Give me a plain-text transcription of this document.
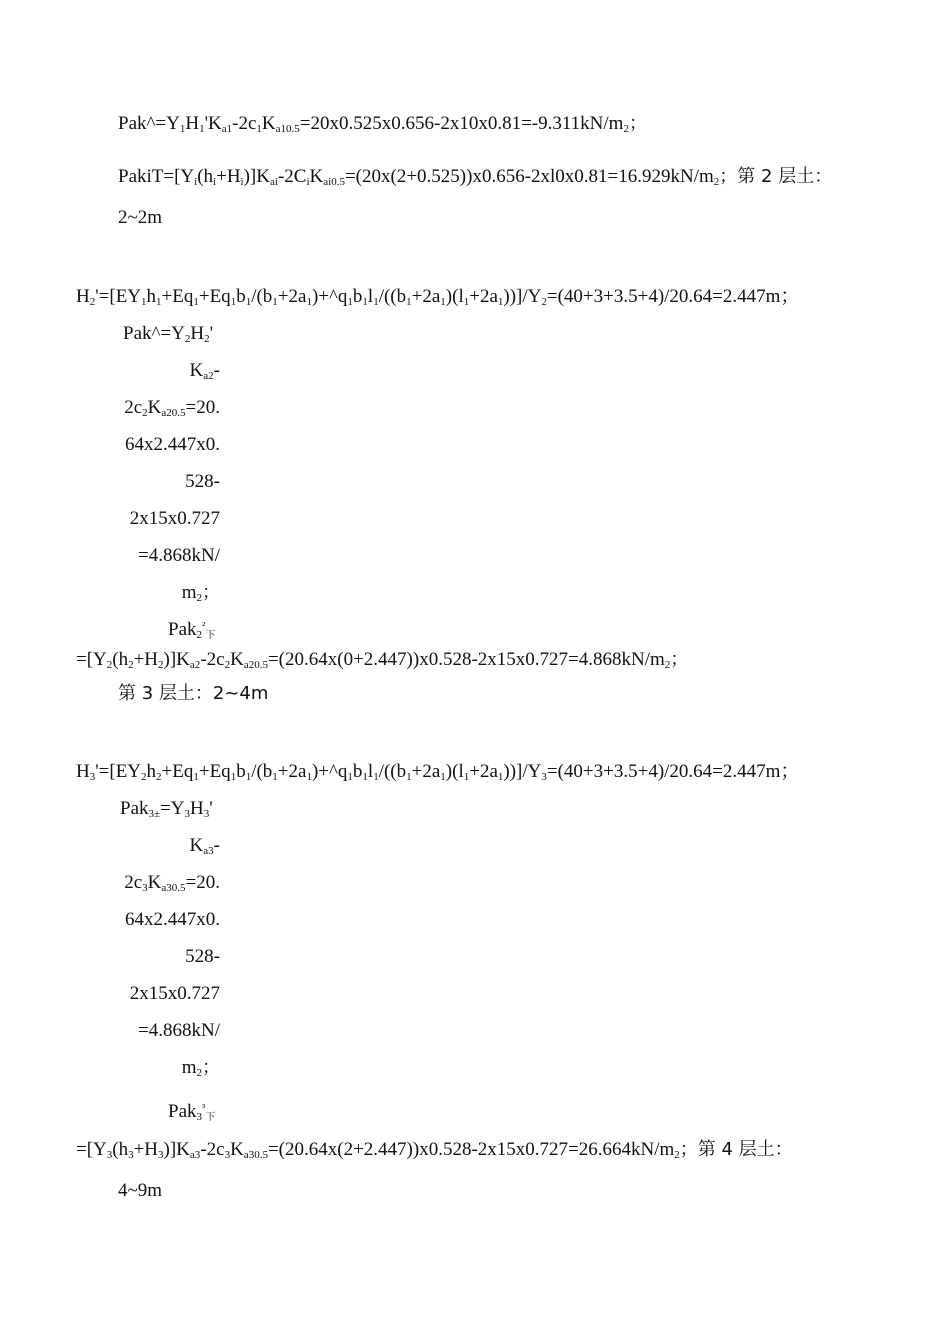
$Pak\^{}=Y_1H_1'K_{a1}-2c_1K_{a10.5}=20x0.525x0.656-2x10x0.81=-9.311kN/m_2$；
$PakiT=[Y_i(h_i+H_i)]K_{ai}-2C_iK_{ai0.5}=(20x(2+0.525))x0.656-2xl0x0.81=16.929kN/m_2$；第 2 层土：
2~2m
$H_2'=[EY_1h_1+Eq_1+Eq_1b_1/(b_1+2a_1)+\^{}q_1b_1l_1/((b_1+2a_1)(l_1+2a_1))]/Y_2=(40+3+3.5+4)/20.64=2.447m$；
$Pak\^{}=Y_2H_2'$
$K_{a2}-$
$2c_2K_{a20.5}=20$.
64x2.447x0.
528-
2x15x0.727
=4.868kN/
$m_2$；
Pak$_2^{^2}_下$
$=[Y_2(h_2+H_2)]K_{a2}-2c_2K_{a20.5}=(20.64x(0+2.447))x0.528-2x15x0.727=4.868kN/m_2$；
第 3 层土：2~4m
$H_3'=[EY_2h_2+Eq_1+Eq_1b_1/(b_1+2a_1)+\^{}q_1b_1l_1/((b_1+2a_1)(l_1+2a_1))]/Y_3=(40+3+3.5+4)/20.64=2.447m$；
$Pak_{3\pm}=Y_3H_3'$
$K_{a3}-$
$2c_3K_{a30.5}=20$.
64x2.447x0.
528-
2x15x0.727
=4.868kN/
$m_2$；
Pak$_3^{^3}_下$
$=[Y_3(h_3+H_3)]K_{a3}-2c_3K_{a30.5}=(20.64x(2+2.447))x0.528-2x15x0.727=26.664kN/m_2$；第 4 层土：
4~9m
